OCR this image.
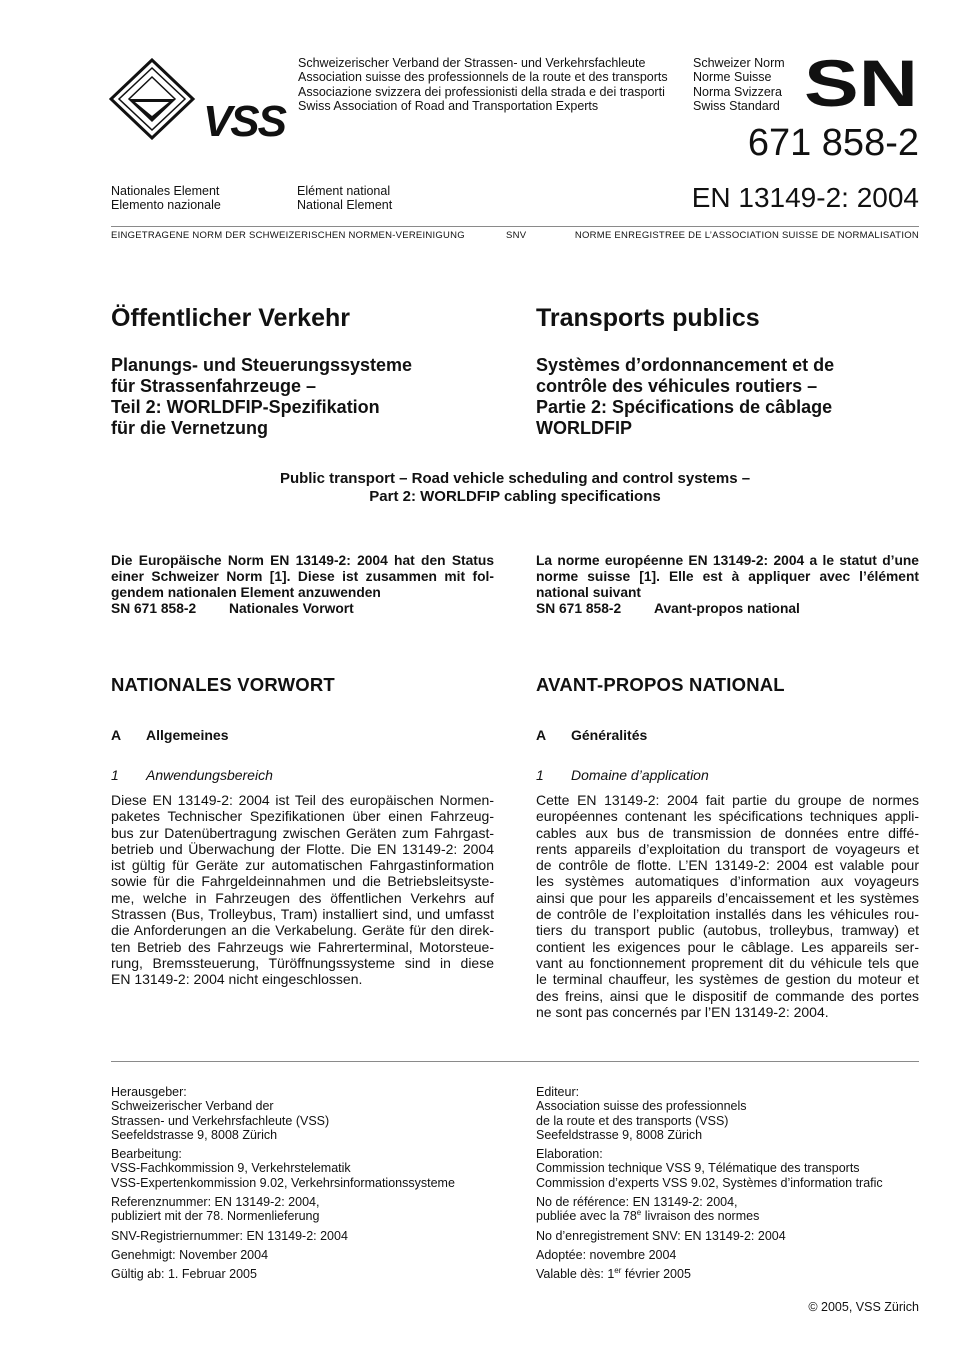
VSS
Schweizerischer Verband der Strassen- und Verkehrsfachleute
Association suisse des professionnels de la route et des transports
Associazione svizzera dei professionisti della strada e dei trasporti
Swiss Association of Road and Transportation Experts
Schweizer Norm
Norme Suisse
Norma Svizzera
Swiss Standard SN
671 858-2
EN 13149-2: 2004
Nationales Element
Elemento nazionale
Elément national
National Element
EINGETRAGENE NORM DER SCHWEIZERISCHEN NORMEN-VEREINIGUNG	SNV	NORME ENREGISTREE DE L’ASSOCIATION SUISSE DE NORMALISATION
Öffentlicher Verkehr	Transports publics
Planungs- und Steuerungssysteme
für Strassenfahrzeuge –
Teil 2: WORLDFIP-Spezifikation
für die Vernetzung
Systèmes d’ordonnancement et de
contrôle des véhicules routiers –
Partie 2: Spécifications de câblage
WORLDFIP
Public transport – Road vehicle scheduling and control systems –
Part 2: WORLDFIP cabling specifications
Die Europäische Norm EN 13149-2: 2004 hat den Status
einer Schweizer Norm [1]. Diese ist zusammen mit fol-
gendem nationalen Element anzuwenden
SN 671 858-2 Nationales Vorwort
La norme européenne EN 13149-2: 2004 a le statut d’une
norme suisse [1]. Elle est à appliquer avec l’élément
national suivant
SN 671 858-2 Avant-propos national
NATIONALES VORWORT	AVANT-PROPOS NATIONAL
A Allgemeines	A Généralités
1 Anwendungsbereich	1 Domaine d’application
Diese EN 13149-2: 2004 ist Teil des europäischen Normen-
paketes Technischer Spezifikationen über einen Fahrzeug-
bus zur Datenübertragung zwischen Geräten zum Fahrgast-
betrieb und Überwachung der Flotte. Die EN 13149-2: 2004
ist gültig für Geräte zur automatischen Fahrgastinformation
sowie für die Fahrgeldeinnahmen und die Betriebsleitsyste-
me, welche in Fahrzeugen des öffentlichen Verkehrs auf
Strassen (Bus, Trolleybus, Tram) installiert sind, und umfasst
die Anforderungen an die Verkabelung. Geräte für den direk-
ten Betrieb des Fahrzeugs wie Fahrerterminal, Motorsteue-
rung, Bremssteuerung, Türöffnungssysteme sind in diese
EN 13149-2: 2004 nicht eingeschlossen.
Cette EN 13149-2: 2004 fait partie du groupe de normes
européennes contenant les spécifications techniques appli-
cables aux bus de transmission de données entre diffé-
rents appareils d’exploitation du transport de voyageurs et
de contrôle de flotte. L’EN 13149-2: 2004 est valable pour
les systèmes automatiques d’information aux voyageurs
ainsi que pour les appareils d’encaissement et les systèmes
de contrôle de l’exploitation installés dans les véhicules rou-
tiers du transport public (autobus, trolleybus, tramway) et
contient les exigences pour le câblage. Les appareils ser-
vant au fonctionnement proprement dit du véhicule tels que
le terminal chauffeur, les systèmes de gestion du moteur et
des freins, ainsi que le dispositif de commande des portes
ne sont pas concernés par l’EN 13149-2: 2004.

Herausgeber:
Schweizerischer Verband der
Strassen- und Verkehrsfachleute (VSS)
Seefeldstrasse 9, 8008 Zürich

Bearbeitung:
VSS-Fachkommission 9, Verkehrstelematik
VSS-Expertenkommission 9.02, Verkehrsinformationssysteme

Referenznummer: EN 13149-2: 2004,
publiziert mit der 78. Normenlieferung

SNV-Registriernummer: EN 13149-2: 2004

Genehmigt: November 2004

Gültig ab: 1. Februar 2005

Editeur:
Association suisse des professionnels
de la route et des transports (VSS)
Seefeldstrasse 9, 8008 Zürich

Elaboration:
Commission technique VSS 9, Télématique des transports
Commission d’experts VSS 9.02, Systèmes d’information trafic

No de référence: EN 13149-2: 2004,
publiée avec la 78e livraison des normes

No d’enregistrement SNV: EN 13149-2: 2004

Adoptée: novembre 2004

Valable dès: 1er février 2005

© 2005, VSS Zürich
